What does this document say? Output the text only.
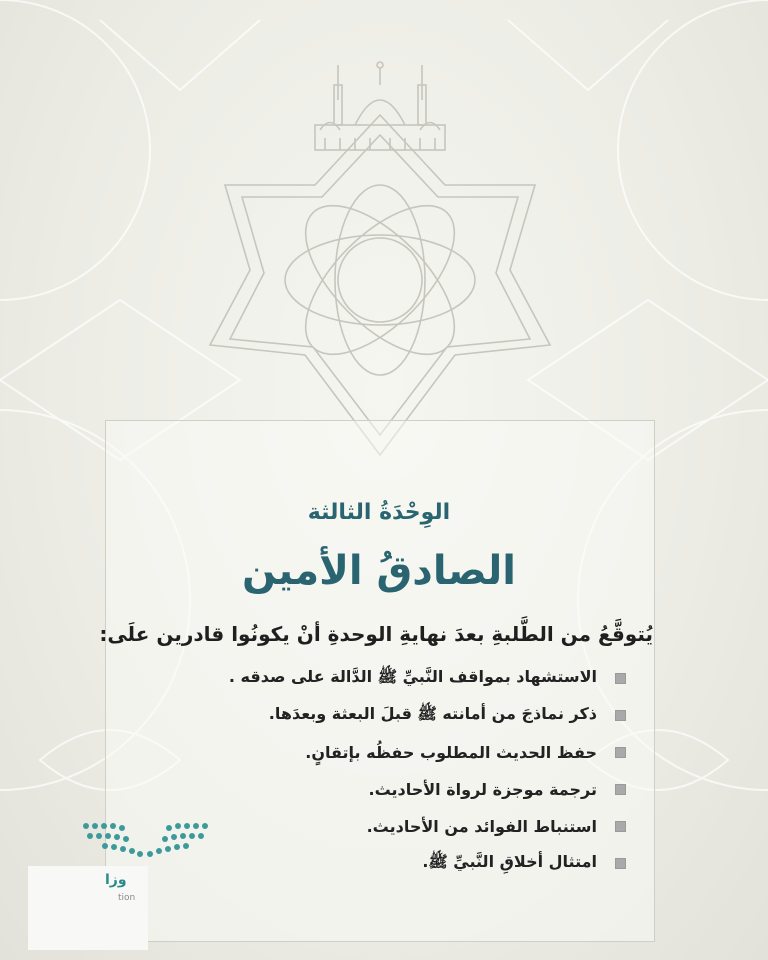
الوِحْدَةُ الثالثة
الصادقُ الأمين
يُتوقَّعُ من الطَّلبةِ بعدَ نهايةِ الوحدةِ أنْ يكونُوا قادرين علَى:
الاستشهاد بمواقف النَّبيِّ ﷺ الدَّالة على صدقه .
ذكر نماذجَ من أمانته ﷺ قبلَ البعثة وبعدَها.
حفظ الحديث المطلوب حفظُه بإتقانٍ.
ترجمة موجزة لرواة الأحاديث.
استنباط الفوائد من الأحاديث.
امتثال أخلاقِ النَّبيِّ ﷺ.
وزا
tion
